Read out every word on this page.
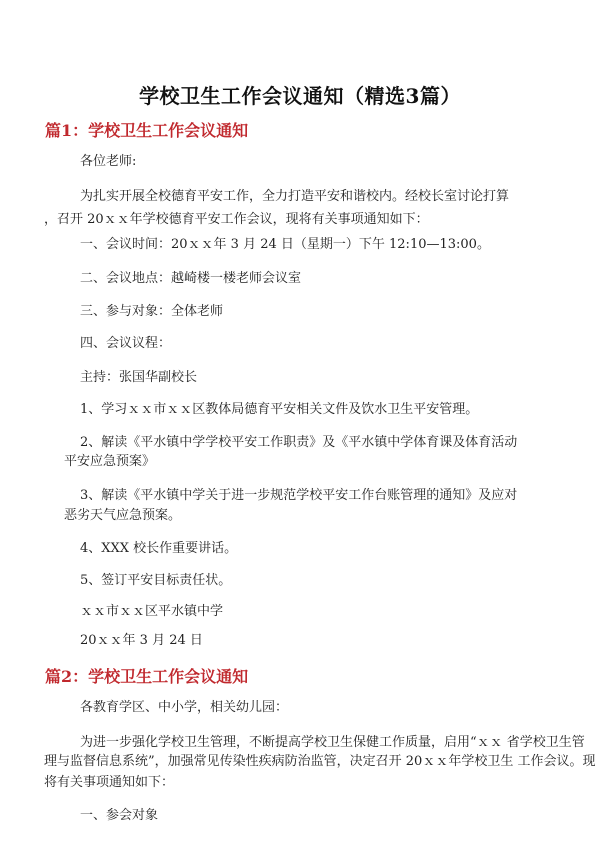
学校卫生工作会议通知（精选3篇）
篇1：学校卫生工作会议通知
各位老师:
为扎实开展全校德育平安工作，全力打造平安和谐校内。经校长室讨论打算
，召开 20ｘｘ年学校德育平安工作会议，现将有关事项通知如下：
一、会议时间：20ｘｘ年 3 月 24 日（星期一）下午 12:10—13:00。
二、会议地点：越崎楼一楼老师会议室
三、参与对象：全体老师
四、会议议程：
主持：张国华副校长
1、学习ｘｘ市ｘｘ区教体局德育平安相关文件及饮水卫生平安管理。
2、解读《平水镇中学学校平安工作职责》及《平水镇中学体育课及体育活动
平安应急预案》
3、解读《平水镇中学关于进一步规范学校平安工作台账管理的通知》及应对
恶劣天气应急预案。
4、XXX 校长作重要讲话。
5、签订平安目标责任状。
ｘｘ市ｘｘ区平水镇中学
20ｘｘ年 3 月 24 日
篇2：学校卫生工作会议通知
各教育学区、中小学，相关幼儿园：
为进一步强化学校卫生管理，不断提高学校卫生保健工作质量，启用“ｘｘ 省学校卫生管
理与监督信息系统”，加强常见传染性疾病防治监管，决定召开 20ｘｘ年学校卫生 工作会议。现
将有关事项通知如下：
一、参会对象
